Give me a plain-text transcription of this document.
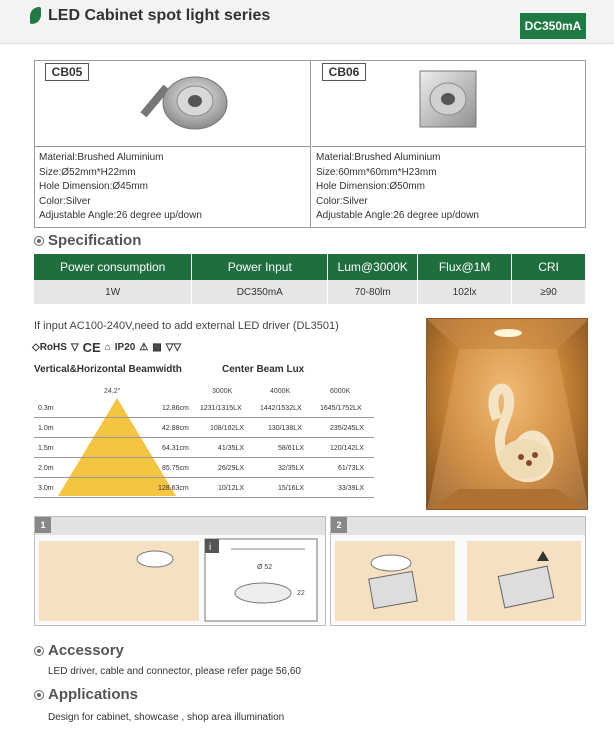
LED Cabinet spot light series
DC350mA
CB05
Material:Brushed Aluminium
Size:Ø52mm*H22mm
Hole Dimension:Ø45mm
Color:Silver
Adjustable Angle:26 degree up/down
CB06
Material:Brushed Aluminium
Size:60mm*60mm*H23mm
Hole Dimension:Ø50mm
Color:Silver
Adjustable Angle:26 degree up/down
Specification
Power consumption	Power Input	Lum@3000K	Flux@1M	CRI
1W	DC350mA	70-80lm	102lx	≥90
If input AC100-240V,need to add external LED driver (DL3501)
◇RoHS ▽ CE ⌂ IP20 ⚠ ▩ ▽▽
Vertical&Horizontal Beamwidth	Center Beam Lux
24.2°	3000K	4000K	6000K
0.3m	12.86cm 1231/1315LX	1442/1532LX	1645/1752LX
1.0m	42.88cm	108/102LX	130/138LX	235/245LX
1.5m	64.31cm	41/35LX	58/61LX	120/142LX
2.0m	85.75cm	26/29LX	32/35LX	61/73LX
3.0m	128.63cm	10/12LX	15/16LX	33/39LX
1
i
Ø 52
22
2
Accessory
LED driver, cable and connector, please refer page 56,60
Applications
Design for cabinet, showcase , shop area illumination
